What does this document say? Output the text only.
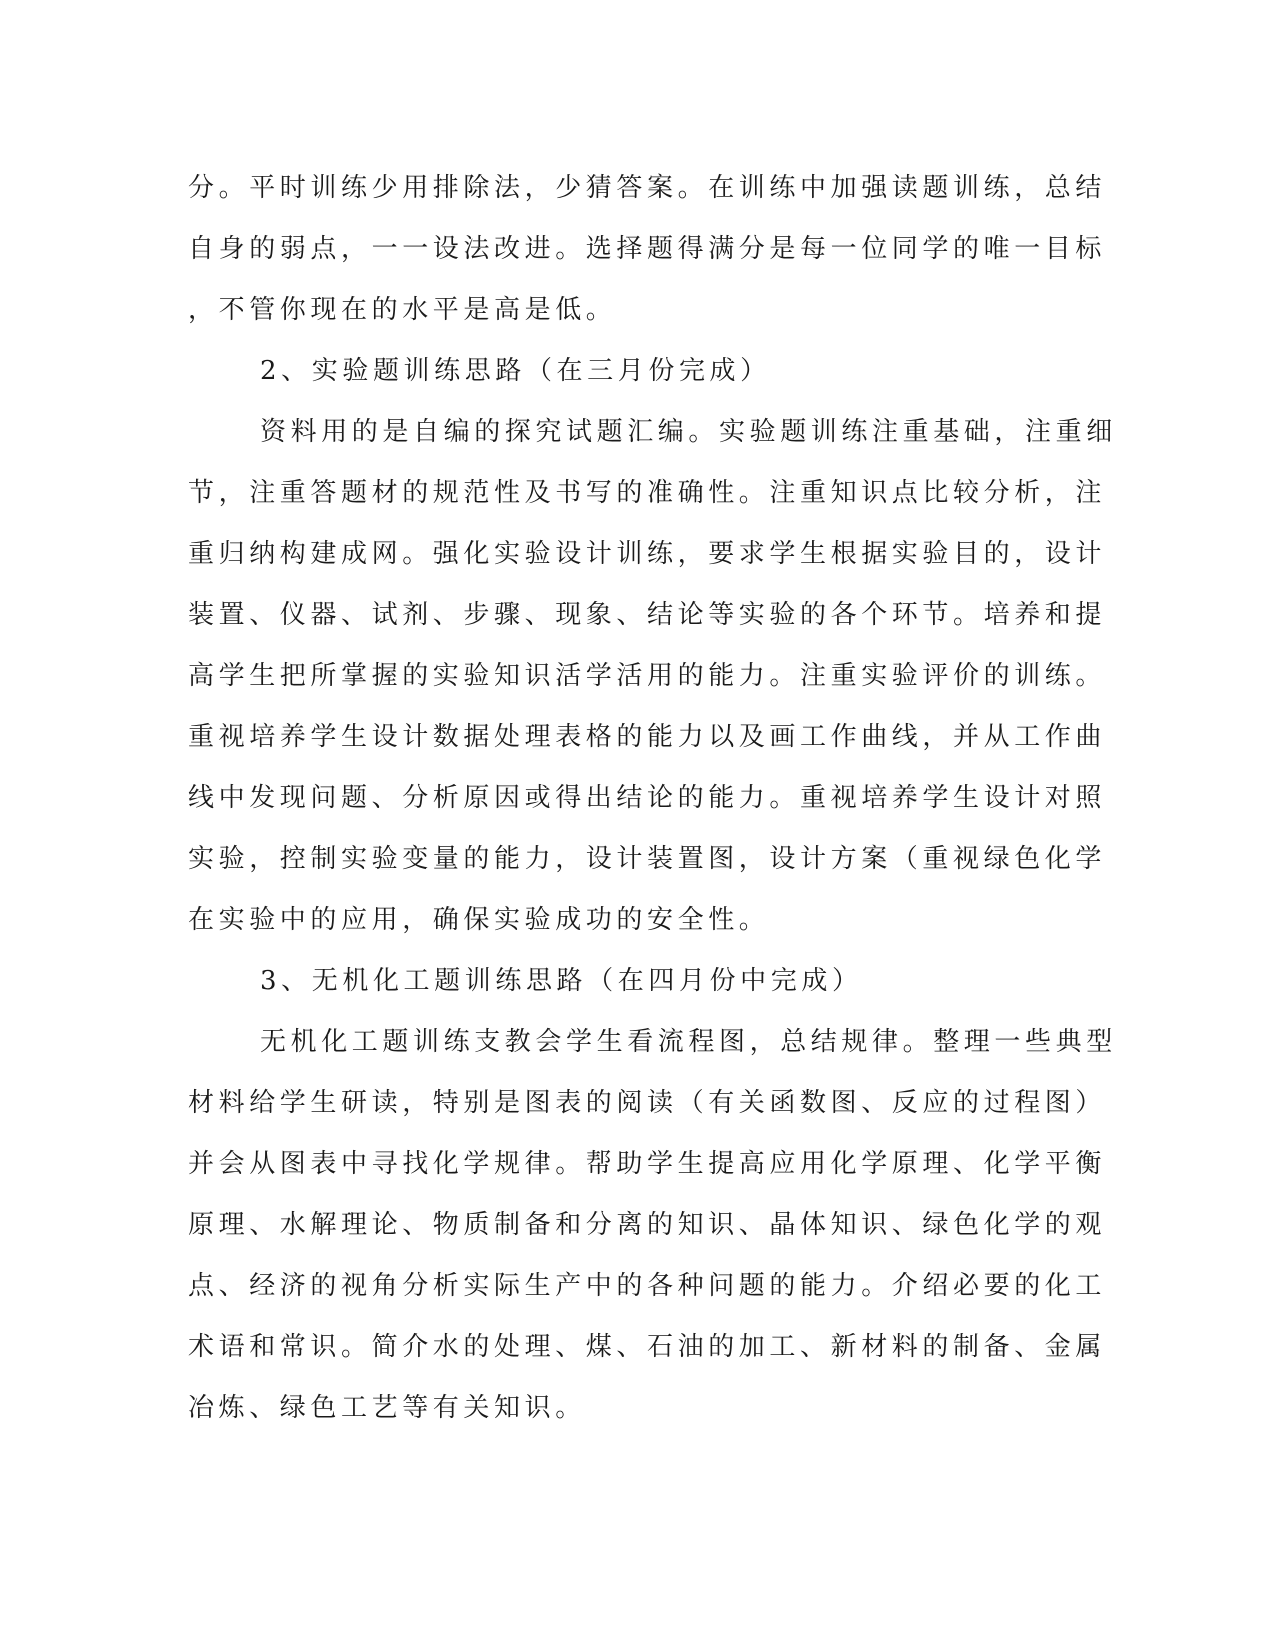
分。平时训练少用排除法，少猜答案。在训练中加强读题训练，总结
自身的弱点，一一设法改进。选择题得满分是每一位同学的唯一目标
，不管你现在的水平是高是低。
2、实验题训练思路（在三月份完成）
资料用的是自编的探究试题汇编。实验题训练注重基础，注重细
节，注重答题材的规范性及书写的准确性。注重知识点比较分析，注
重归纳构建成网。强化实验设计训练，要求学生根据实验目的，设计
装置、仪器、试剂、步骤、现象、结论等实验的各个环节。培养和提
高学生把所掌握的实验知识活学活用的能力。注重实验评价的训练。
重视培养学生设计数据处理表格的能力以及画工作曲线，并从工作曲
线中发现问题、分析原因或得出结论的能力。重视培养学生设计对照
实验，控制实验变量的能力，设计装置图，设计方案（重视绿色化学
在实验中的应用，确保实验成功的安全性。
3、无机化工题训练思路（在四月份中完成）
无机化工题训练支教会学生看流程图，总结规律。整理一些典型
材料给学生研读，特别是图表的阅读（有关函数图、反应的过程图）
并会从图表中寻找化学规律。帮助学生提高应用化学原理、化学平衡
原理、水解理论、物质制备和分离的知识、晶体知识、绿色化学的观
点、经济的视角分析实际生产中的各种问题的能力。介绍必要的化工
术语和常识。简介水的处理、煤、石油的加工、新材料的制备、金属
冶炼、绿色工艺等有关知识。
